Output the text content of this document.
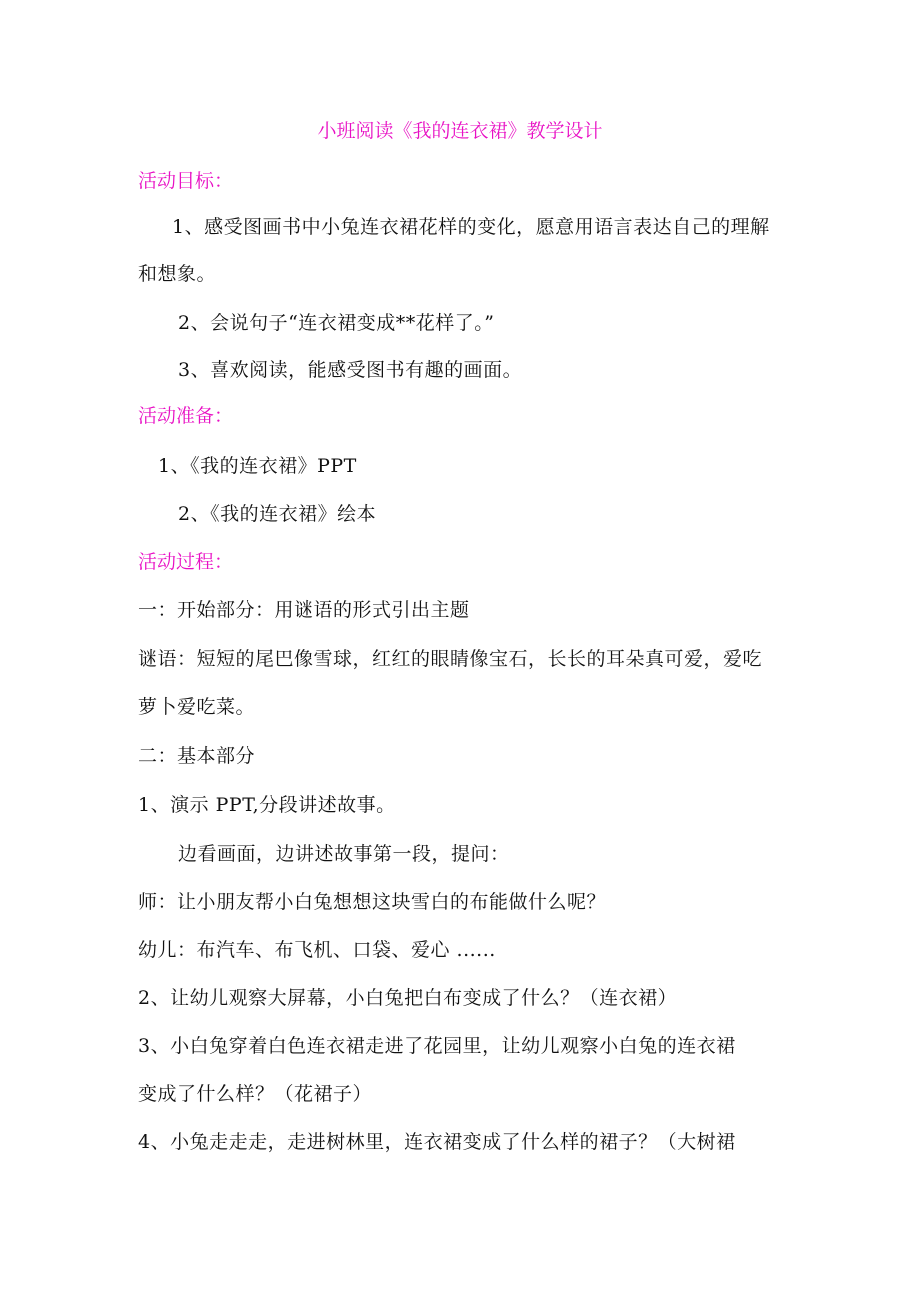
小班阅读《我的连衣裙》教学设计
活动目标：
1、感受图画书中小兔连衣裙花样的变化，愿意用语言表达自己的理解
和想象。
2、会说句子“连衣裙变成**花样了。”
3、喜欢阅读，能感受图书有趣的画面。
活动准备：
1、《我的连衣裙》PPT
2、《我的连衣裙》绘本
活动过程：
一：开始部分：用谜语的形式引出主题
谜语：短短的尾巴像雪球，红红的眼睛像宝石，长长的耳朵真可爱，爱吃
萝卜爱吃菜。
二：基本部分
1、演示 PPT,分段讲述故事。
边看画面，边讲述故事第一段，提问：
师：让小朋友帮小白兔想想这块雪白的布能做什么呢？
幼儿：布汽车、布飞机、口袋、爱心 ......
2、让幼儿观察大屏幕，小白兔把白布变成了什么？（连衣裙）
3、小白兔穿着白色连衣裙走进了花园里，让幼儿观察小白兔的连衣裙
变成了什么样？（花裙子）
4、小兔走走走，走进树林里，连衣裙变成了什么样的裙子？（大树裙
